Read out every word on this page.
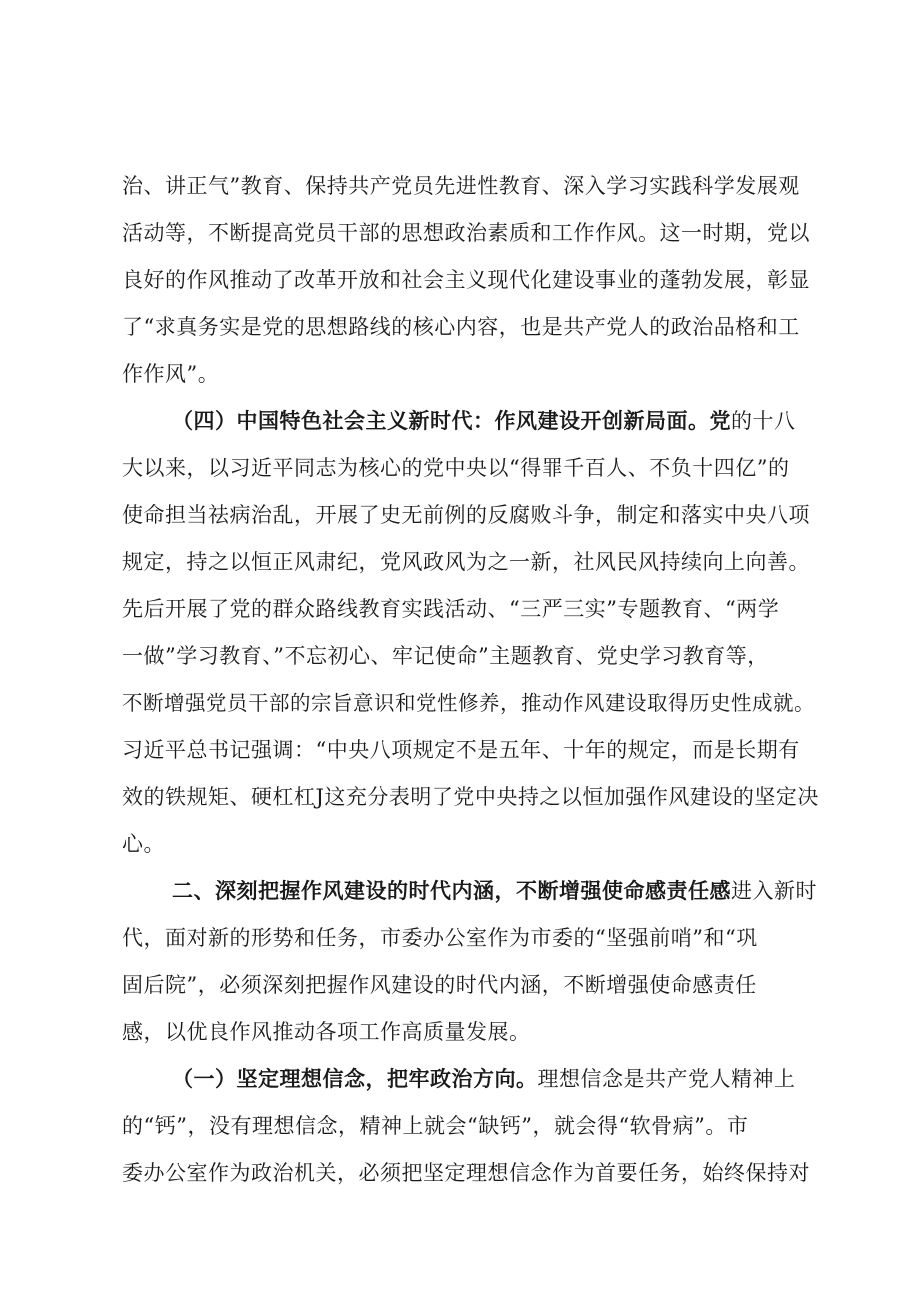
治、讲正气”教育、保持共产党员先进性教育、深入学习实践科学发展观
活动等，不断提高党员干部的思想政治素质和工作作风。这一时期，党以
良好的作风推动了改革开放和社会主义现代化建设事业的蓬勃发展，彰显
了“求真务实是党的思想路线的核心内容，也是共产党人的政治品格和工
作作风”。
（四）中国特色社会主义新时代：作风建设开创新局面。党的十八
大以来，以习近平同志为核心的党中央以“得罪千百人、不负十四亿”的
使命担当祛病治乱，开展了史无前例的反腐败斗争，制定和落实中央八项
规定，持之以恒正风肃纪，党风政风为之一新，社风民风持续向上向善。
先后开展了党的群众路线教育实践活动、“三严三实”专题教育、“两学
一做”学习教育、”不忘初心、牢记使命”主题教育、党史学习教育等，
不断增强党员干部的宗旨意识和党性修养，推动作风建设取得历史性成就。
习近平总书记强调：“中央八项规定不是五年、十年的规定，而是长期有
效的铁规矩、硬杠杠J这充分表明了党中央持之以恒加强作风建设的坚定决
心。
二、深刻把握作风建设的时代内涵，不断增强使命感责任感进入新时
代，面对新的形势和任务，市委办公室作为市委的“坚强前哨”和“巩
固后院”，必须深刻把握作风建设的时代内涵，不断增强使命感责任
感，以优良作风推动各项工作高质量发展。
（一）坚定理想信念，把牢政治方向。理想信念是共产党人精神上
的“钙”，没有理想信念，精神上就会“缺钙”，就会得“软骨病”。市
委办公室作为政治机关，必须把坚定理想信念作为首要任务，始终保持对
